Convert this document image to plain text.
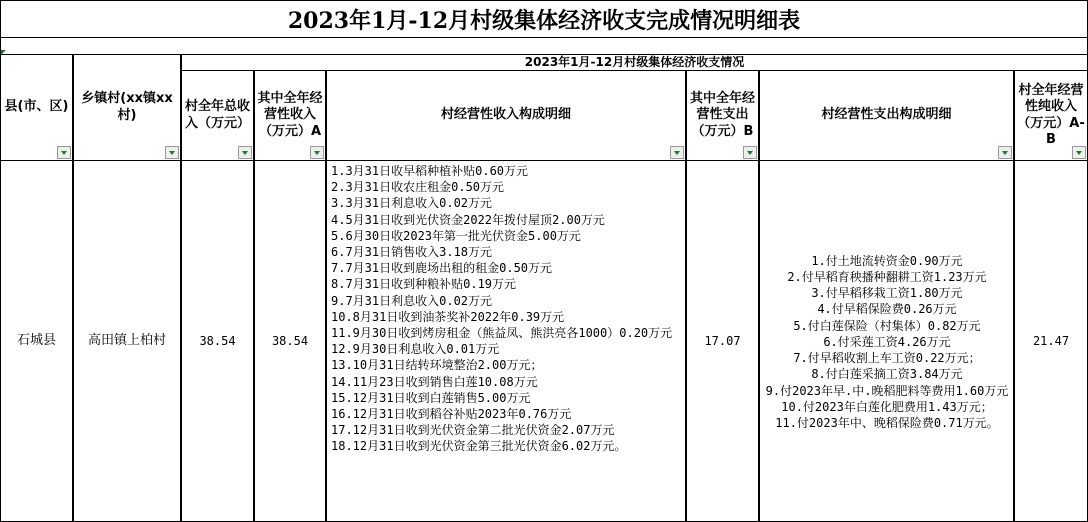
2023年1月-12月村级集体经济收支完成情况明细表
县(市、区)
乡镇村(xx镇xx村)
2023年1月-12月村级集体经济收支情况
村全年总收入（万元）
其中全年经营性收入（万元）A
村经营性收入构成明细
其中全年经营性支出（万元）B
村经营性支出构成明细
村全年经营性纯收入（万元）A-B
石城县 高田镇上柏村	38.54	38.54
1.3月31日收早稻种植补贴0.60万元
2.3月31日收农庄租金0.50万元
3.3月31日利息收入0.02万元
4.5月31日收到光伏资金2022年拨付屋顶2.00万元
5.6月30日收2023年第一批光伏资金5.00万元
6.7月31日销售收入3.18万元
7.7月31日收到鹿场出租的租金0.50万元
8.7月31日收到种粮补贴0.19万元
9.7月31日利息收入0.02万元
10.8月31日收到油茶奖补2022年0.39万元
11.9月30日收到烤房租金（熊益凤、熊洪亮各1000）0.20万元
12.9月30日利息收入0.01万元
13.10月31日结转环境整治2.00万元；
14.11月23日收到销售白莲10.08万元
15.12月31日收到白莲销售5.00万元
16.12月31日收到稻谷补贴2023年0.76万元
17.12月31日收到光伏资金第二批光伏资金2.07万元
18.12月31日收到光伏资金第三批光伏资金6.02万元。
17.07
1.付土地流转资金0.90万元
2.付早稻育秧播种翻耕工资1.23万元
3.付早稻移栽工资1.80万元
4.付早稻保险费0.26万元
5.付白莲保险（村集体）0.82万元
6.付采莲工资4.26万元
7.付早稻收割上车工资0.22万元；
8.付白莲采摘工资3.84万元
9.付2023年早.中.晚稻肥料等费用1.60万元
10.付2023年白莲化肥费用1.43万元；
11.付2023年中、晚稻保险费0.71万元。
21.47
